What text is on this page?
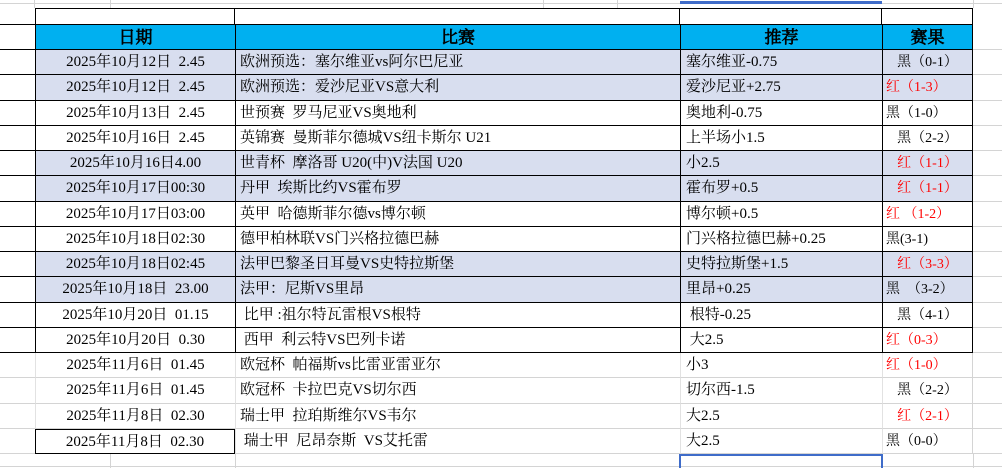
日期	比赛	推荐	赛果
2025年10月12日  2.45	欧洲预选：塞尔维亚vs阿尔巴尼亚	塞尔维亚-0.75	黑（0-1）
2025年10月12日  2.45	欧洲预选：爱沙尼亚VS意大利	爱沙尼亚+2.75	红（1-3）
2025年10月13日  2.45	世预赛  罗马尼亚VS奥地利	奥地利-0.75	黑（1-0）
2025年10月16日  2.45	英锦赛  曼斯菲尔德城VS纽卡斯尔 U21	上半场小1.5	黑（2-2）
2025年10月16日4.00	世青杯  摩洛哥 U20(中)V法国 U20	小2.5	红（1-1）
2025年10月17日00:30	丹甲  埃斯比约VS霍布罗	霍布罗+0.5	红（1-1）
2025年10月17日03:00	英甲  哈德斯菲尔德vs博尔顿	博尔顿+0.5	红 （1-2）
2025年10月18日02:30	德甲柏林联VS门兴格拉德巴赫	门兴格拉德巴赫+0.25	黑(3-1)
2025年10月18日02:45	法甲巴黎圣日耳曼VS史特拉斯堡	史特拉斯堡+1.5	红（3-3）
2025年10月18日  23.00	法甲：尼斯VS里昂	里昂+0.25	黑　（3-2）
2025年10月20日  01.15	比甲 :祖尔特瓦雷根VS根特	根特-0.25	黑（4-1）
2025年10月20日  0.30	西甲  利云特VS巴列卡诺	大2.5	红（0-3）
2025年11月6日  01.45	欧冠杯  帕福斯vs比雷亚雷亚尔	小3	红（1-0）
2025年11月6日  01.45	欧冠杯  卡拉巴克VS切尔西	切尔西-1.5	黑（2-2）
2025年11月8日  02.30	瑞士甲  拉珀斯维尔VS韦尔	大2.5	红（2-1）
2025年11月8日  02.30	瑞士甲  尼昂奈斯  VS艾托雷	大2.5	黑（0-0）
